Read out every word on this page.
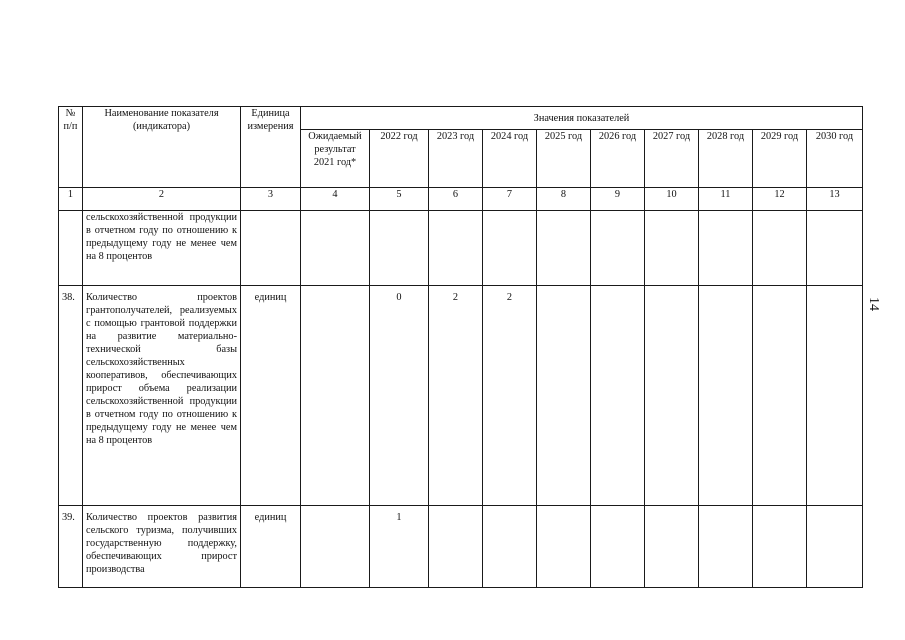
14
№ п/п	Наименование показателя (индикатора)	Единица измерения	Значения показателей									
			Ожидаемый результат 2021 год*	2022 год	2023 год	2024 год	2025 год	2026 год	2027 год	2028 год	2029 год	2030 год
1	2	3	4	5	6	7	8	9	10	11	12	13
	сельскохозяйственной продукции в отчетном году по отношению к предыдущему году не менее чем на 8 процентов											
38.	Количество проектов грантополучателей, реализуемых с помощью грантовой поддержки на развитие материально-технической базы сельскохозяйственных кооперативов, обеспечивающих прирост объема реализации сельскохозяйственной продукции в отчетном году по отношению к предыдущему году не менее чем на 8 процентов	единиц		0	2	2						
39.	Количество проектов развития сельского туризма, получивших государственную поддержку, обеспечивающих прирост производства	единиц		1								
